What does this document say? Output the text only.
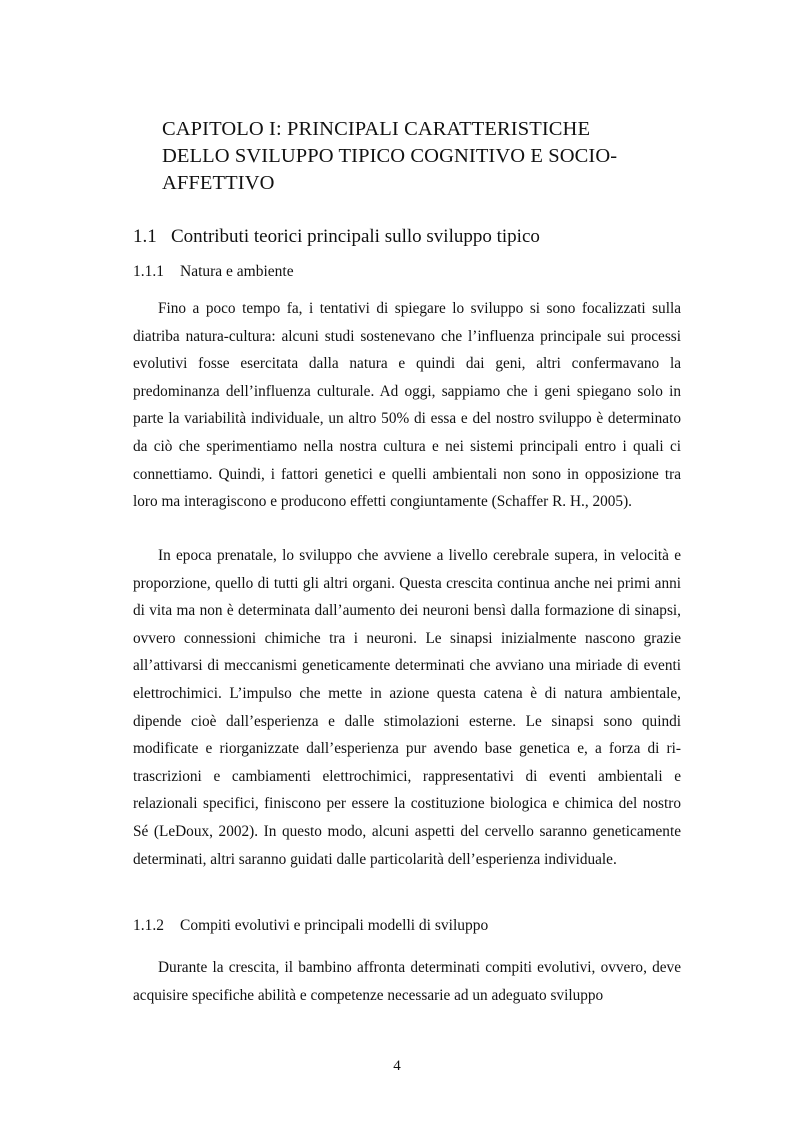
CAPITOLO I: PRINCIPALI CARATTERISTICHE DELLO SVILUPPO TIPICO COGNITIVO E SOCIO-AFFETTIVO
1.1 Contributi teorici principali sullo sviluppo tipico
1.1.1 Natura e ambiente

Fino a poco tempo fa, i tentativi di spiegare lo sviluppo si sono focalizzati sulla diatriba natura-cultura: alcuni studi sostenevano che l’influenza principale sui processi evolutivi fosse esercitata dalla natura e quindi dai geni, altri confermavano la predominanza dell’influenza culturale. Ad oggi, sappiamo che i geni spiegano solo in parte la variabilità individuale, un altro 50% di essa e del nostro sviluppo è determinato da ciò che sperimentiamo nella nostra cultura e nei sistemi principali entro i quali ci connettiamo. Quindi, i fattori genetici e quelli ambientali non sono in opposizione tra loro ma interagiscono e producono effetti congiuntamente (Schaffer R. H., 2005).

In epoca prenatale, lo sviluppo che avviene a livello cerebrale supera, in velocità e proporzione, quello di tutti gli altri organi. Questa crescita continua anche nei primi anni di vita ma non è determinata dall’aumento dei neuroni bensì dalla formazione di sinapsi, ovvero connessioni chimiche tra i neuroni. Le sinapsi inizialmente nascono grazie all’attivarsi di meccanismi geneticamente determinati che avviano una miriade di eventi elettrochimici. L’impulso che mette in azione questa catena è di natura ambientale, dipende cioè dall’esperienza e dalle stimolazioni esterne. Le sinapsi sono quindi modificate e riorganizzate dall’esperienza pur avendo base genetica e, a forza di ri-trascrizioni e cambiamenti elettrochimici, rappresentativi di eventi ambientali e relazionali specifici, finiscono per essere la costituzione biologica e chimica del nostro Sé (LeDoux, 2002). In questo modo, alcuni aspetti del cervello saranno geneticamente determinati, altri saranno guidati dalle particolarità dell’esperienza individuale.

1.1.2 Compiti evolutivi e principali modelli di sviluppo

Durante la crescita, il bambino affronta determinati compiti evolutivi, ovvero, deve acquisire specifiche abilità e competenze necessarie ad un adeguato sviluppo

4
